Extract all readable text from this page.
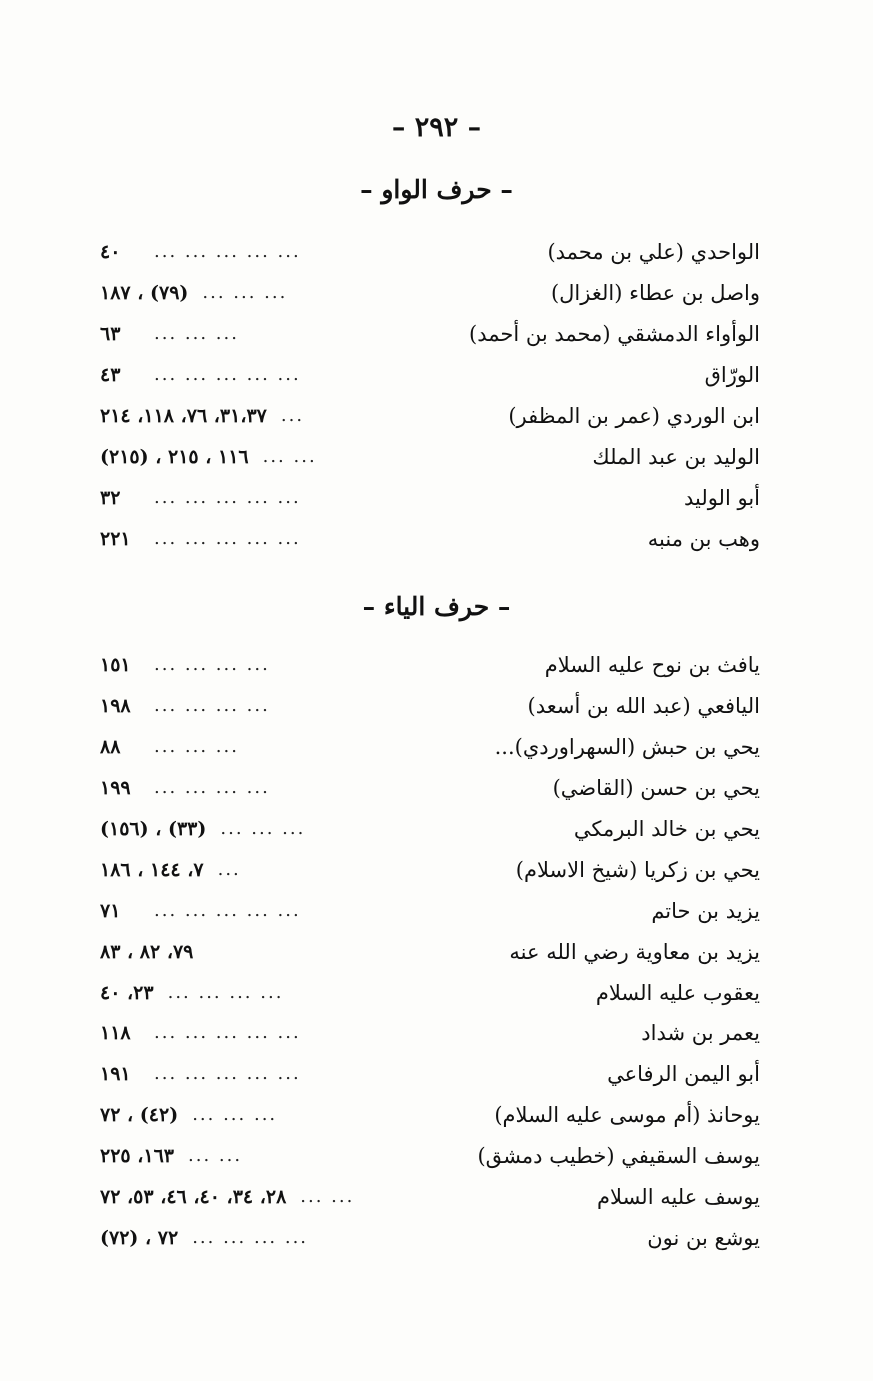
– ٢٩٢ –
– حرف الواو –
الواحدي (علي بن محمد)
... ... ... ... ...
٤٠
واصل بن عطاء (الغزال)
... ... ...
(٧٩) ، ١٨٧
الوأواء الدمشقي (محمد بن أحمد)
... ... ...
٦٣
الورّاق
... ... ... ... ...
٤٣
ابن الوردي (عمر بن المظفر)
...
٣١،٣٧، ٧٦، ١١٨، ٢١٤
الوليد بن عبد الملك
... ...
١١٦ ، ٢١٥ ، (٢١٥)
أبو الوليد
... ... ... ... ...
٣٢
وهب بن منبه
... ... ... ... ...
٢٢١
– حرف الياء –
يافث بن نوح عليه السلام
... ... ... ...
١٥١
اليافعي (عبد الله بن أسعد)
... ... ... ...
١٩٨
يحي بن حبش (السهراوردي)...
... ... ...
٨٨
يحي بن حسن (القاضي)
... ... ... ...
١٩٩
يحي بن خالد البرمكي
... ... ...
(٣٣) ، (١٥٦)
يحي بن زكريا (شيخ الاسلام)
...
٧، ١٤٤ ، ١٨٦
يزيد بن حاتم
... ... ... ... ...
٧١
يزيد بن معاوية رضي الله عنه
٧٩، ٨٢ ، ٨٣
يعقوب عليه السلام
... ... ... ...
٢٣، ٤٠
يعمر بن شداد
... ... ... ... ...
١١٨
أبو اليمن الرفاعي
... ... ... ... ...
١٩١
يوحانذ (أم موسى عليه السلام)
... ... ...
(٤٢) ، ٧٢
يوسف السقيفي (خطيب دمشق)
... ...
١٦٣، ٢٢٥
يوسف عليه السلام
... ...
٢٨، ٣٤، ٤٠، ٤٦، ٥٣، ٧٢
يوشع بن نون
... ... ... ...
٧٢ ، (٧٢)
